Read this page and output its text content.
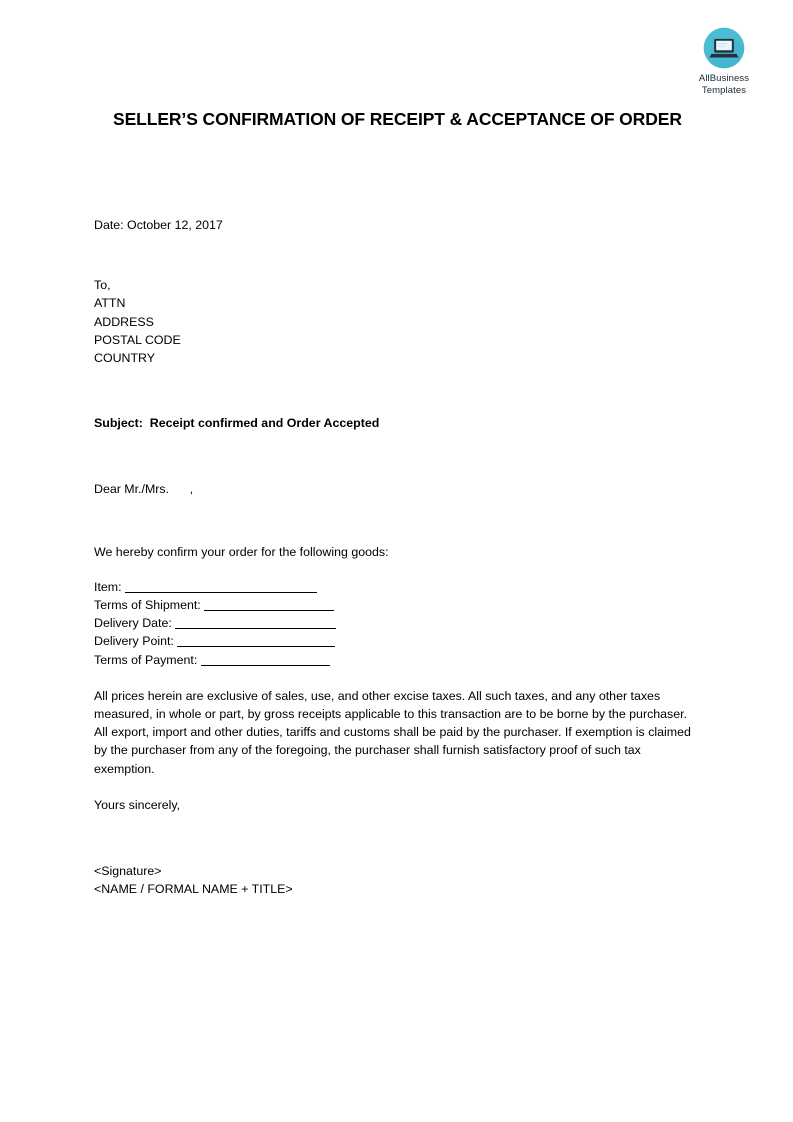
AllBusiness
Templates
SELLER’S CONFIRMATION OF RECEIPT & ACCEPTANCE OF ORDER
Date: October 12, 2017
To,
ATTN
ADDRESS
POSTAL CODE
COUNTRY
Subject:  Receipt confirmed and Order Accepted
Dear Mr./Mrs.      ,
We hereby confirm your order for the following goods:
Item:
Terms of Shipment:
Delivery Date:
Delivery Point:
Terms of Payment:
All prices herein are exclusive of sales, use, and other excise taxes. All such taxes, and any other taxes measured, in whole or part, by gross receipts applicable to this transaction are to be borne by the purchaser. All export, import and other duties, tariffs and customs shall be paid by the purchaser. If exemption is claimed by the purchaser from any of the foregoing, the purchaser shall furnish satisfactory proof of such tax exemption.
Yours sincerely,
<Signature>
<NAME / FORMAL NAME + TITLE>
